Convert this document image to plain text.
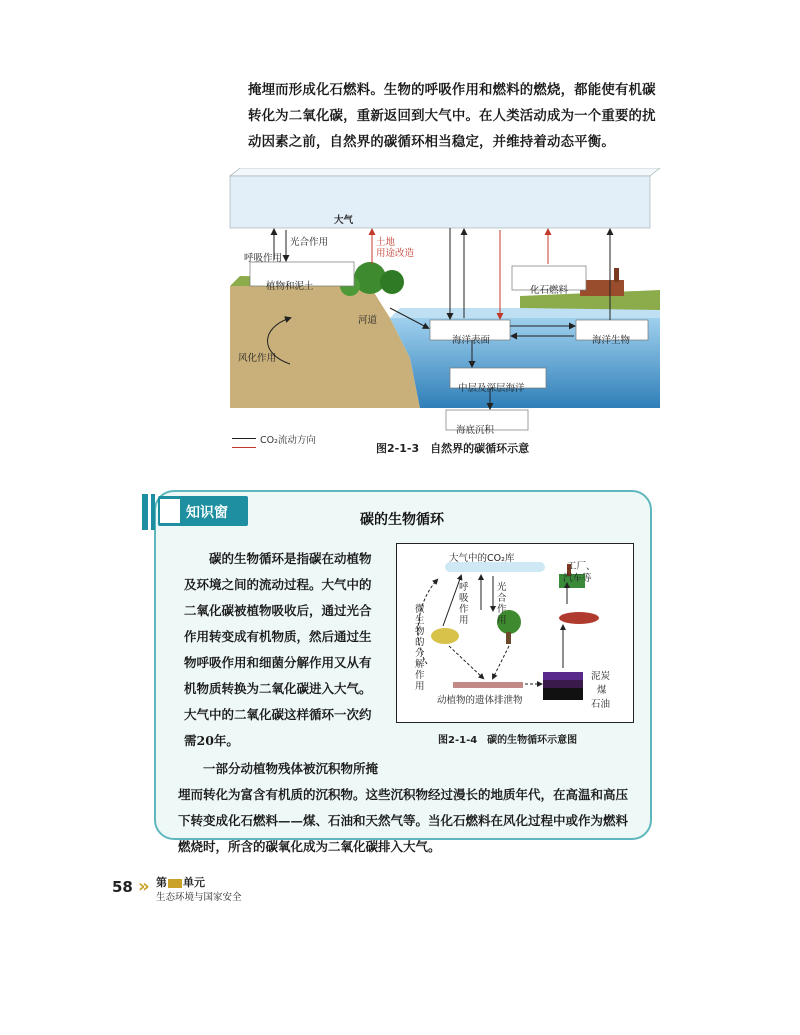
掩埋而形成化石燃料。生物的呼吸作用和燃料的燃烧，都能使有机碳

转化为二氧化碳，重新返回到大气中。在人类活动成为一个重要的扰

动因素之前，自然界的碳循环相当稳定，并维持着动态平衡。

大气
光合作用
呼吸作用
土地
用途改造
植物和泥土	化石燃料
河道
海洋表面	海洋生物
风化作用
中层及深层海洋
海底沉积
CO₂流动方向
图2-1-3　自然界的碳循环示意
知识窗	碳的生物循环

　　碳的生物循环是指碳在动植物

及环境之间的流动过程。大气中的

二氧化碳被植物吸收后，通过光合

作用转变成有机物质，然后通过生

物呼吸作用和细菌分解作用又从有

机物质转换为二氧化碳进入大气。

大气中的二氧化碳这样循环一次约

需20年。

大气中的CO₂库
工厂、
汽车等
呼吸作用
光合作用
微生物的分解作用
动植物的遗体排泄物
泥炭
煤
石油
图2-1-4　碳的生物循环示意图

　　一部分动植物残体被沉积物所掩

埋而转化为富含有机质的沉积物。这些沉积物经过漫长的地质年代，在高温和高压

下转变成化石燃料——煤、石油和天然气等。当化石燃料在风化过程中或作为燃料

燃烧时，所含的碳氧化成为二氧化碳排入大气。

58 » 第 单元
生态环境与国家安全
